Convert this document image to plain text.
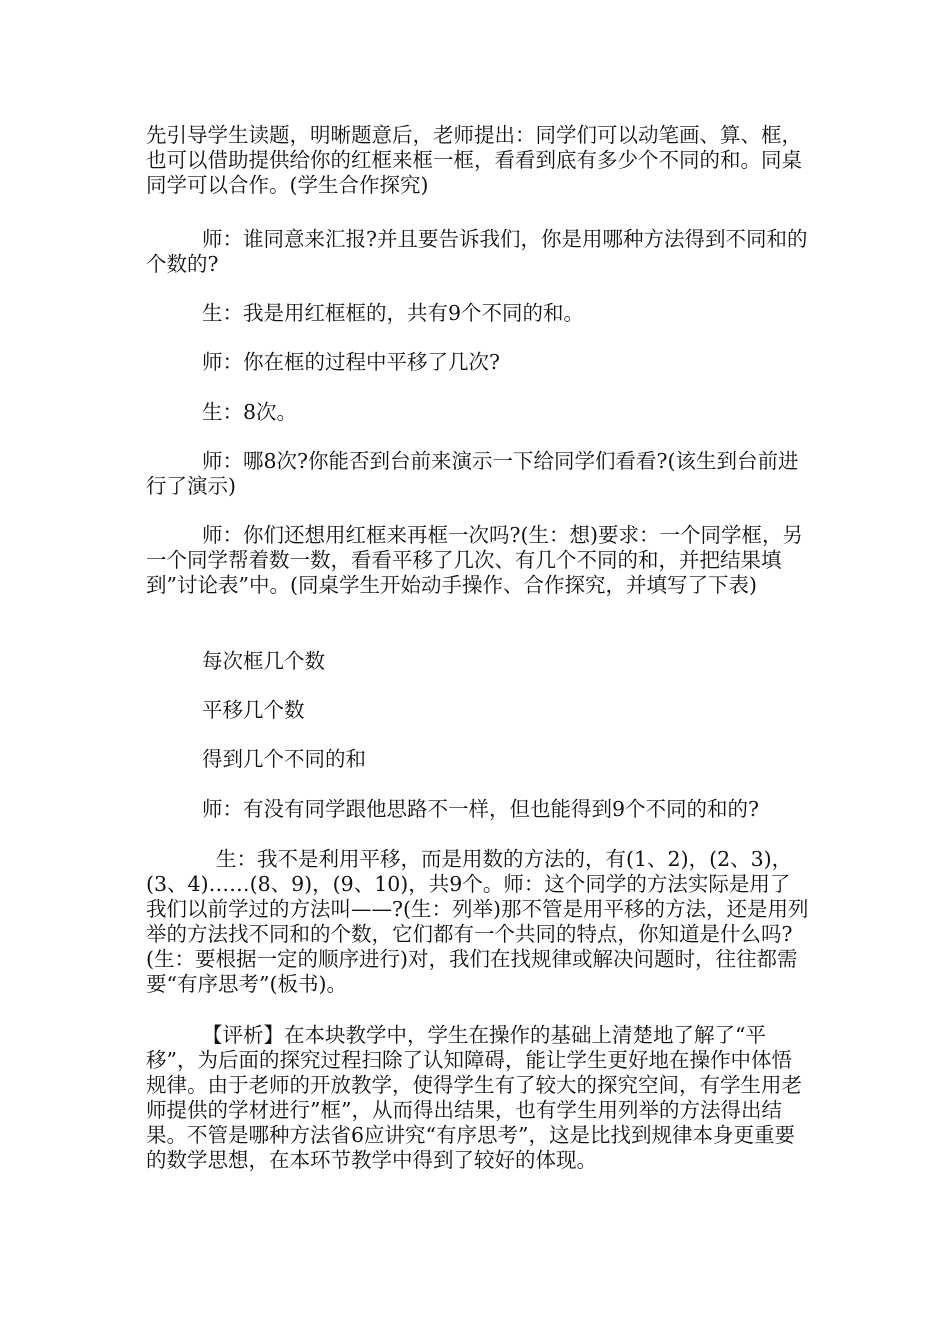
先引导学生读题，明晰题意后，老师提出：同学们可以动笔画、算、框，也可以借助提供给你的红框来框一框，看看到底有多少个不同的和。同桌同学可以合作。(学生合作探究)

师：谁同意来汇报?并且要告诉我们，你是用哪种方法得到不同和的个数的?

生：我是用红框框的，共有9个不同的和。

师：你在框的过程中平移了几次?

生：8次。

师：哪8次?你能否到台前来演示一下给同学们看看?(该生到台前进行了演示)

师：你们还想用红框来再框一次吗?(生：想)要求：一个同学框，另一个同学帮着数一数，看看平移了几次、有几个不同的和，并把结果填到”讨论表”中。(同桌学生开始动手操作、合作探究，并填写了下表)

每次框几个数

平移几个数

得到几个不同的和

师：有没有同学跟他思路不一样，但也能得到9个不同的和的?

生：我不是利用平移，而是用数的方法的，有(1、2)，(2、3)，(3、4)……(8、9)，(9、10)，共9个。师：这个同学的方法实际是用了我们以前学过的方法叫——?(生：列举)那不管是用平移的方法，还是用列举的方法找不同和的个数，它们都有一个共同的特点，你知道是什么吗?(生：要根据一定的顺序进行)对，我们在找规律或解决问题时，往往都需要“有序思考”(板书)。

【评析】在本块教学中，学生在操作的基础上清楚地了解了“平移”，为后面的探究过程扫除了认知障碍，能让学生更好地在操作中体悟规律。由于老师的开放教学，使得学生有了较大的探究空间，有学生用老师提供的学材进行”框”，从而得出结果，也有学生用列举的方法得出结果。不管是哪种方法省6应讲究“有序思考”，这是比找到规律本身更重要的数学思想，在本环节教学中得到了较好的体现。
